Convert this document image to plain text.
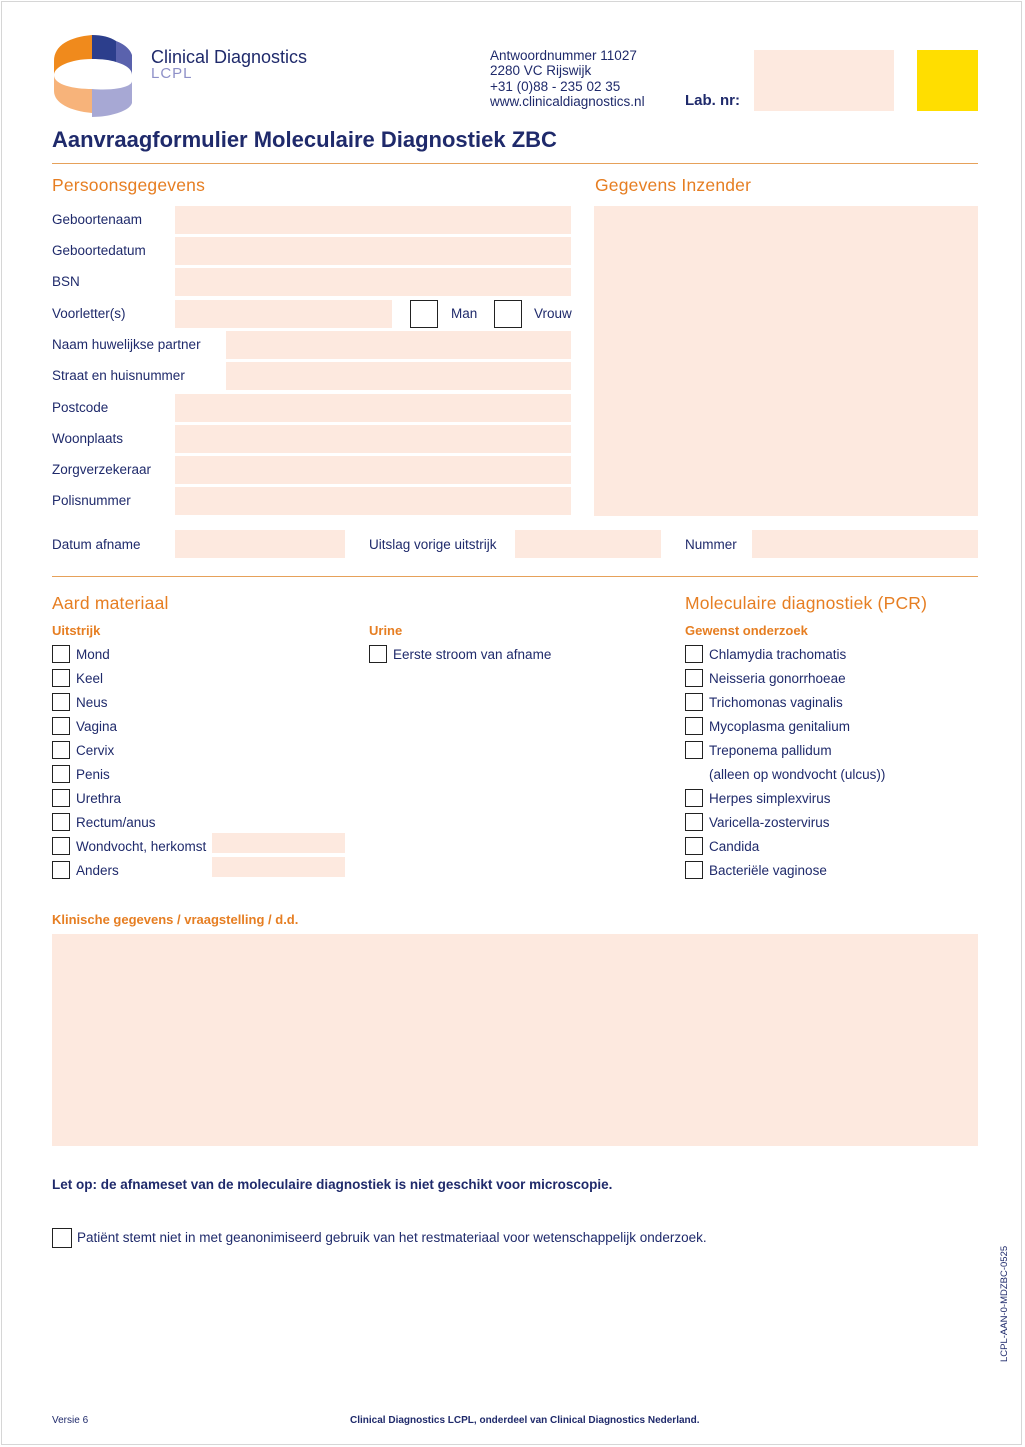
Clinical Diagnostics
LCPL
Antwoordnummer 11027
2280 VC Rijswijk
+31 (0)88 - 235 02 35
www.clinicaldiagnostics.nl	Lab. nr:
Aanvraagformulier Moleculaire Diagnostiek ZBC
Persoonsgegevens	Gegevens Inzender
Geboortenaam
Geboortedatum
BSN
Voorletter(s)	Man	Vrouw
Naam huwelijkse partner
Straat en huisnummer
Postcode
Woonplaats
Zorgverzekeraar
Polisnummer
Datum afname	Uitslag vorige uitstrijk	Nummer
Aard materiaal	Moleculaire diagnostiek (PCR)
Uitstrijk	Urine	Gewenst onderzoek
Mond
Keel
Neus
Vagina
Cervix
Penis
Urethra
Rectum/anus
Wondvocht, herkomst
Anders
Eerste stroom van afname	Chlamydia trachomatis
Neisseria gonorrhoeae
Trichomonas vaginalis
Mycoplasma genitalium
Treponema pallidum
(alleen op wondvocht (ulcus))
Herpes simplexvirus
Varicella-zostervirus
Candida
Bacteriële vaginose
Klinische gegevens / vraagstelling / d.d.
Let op: de afnameset van de moleculaire diagnostiek is niet geschikt voor microscopie.
Patiënt stemt niet in met geanonimiseerd gebruik van het restmateriaal voor wetenschappelijk onderzoek.
LCPL-AAN-0-MDZBC-0525
Versie 6	Clinical Diagnostics LCPL, onderdeel van Clinical Diagnostics Nederland.
